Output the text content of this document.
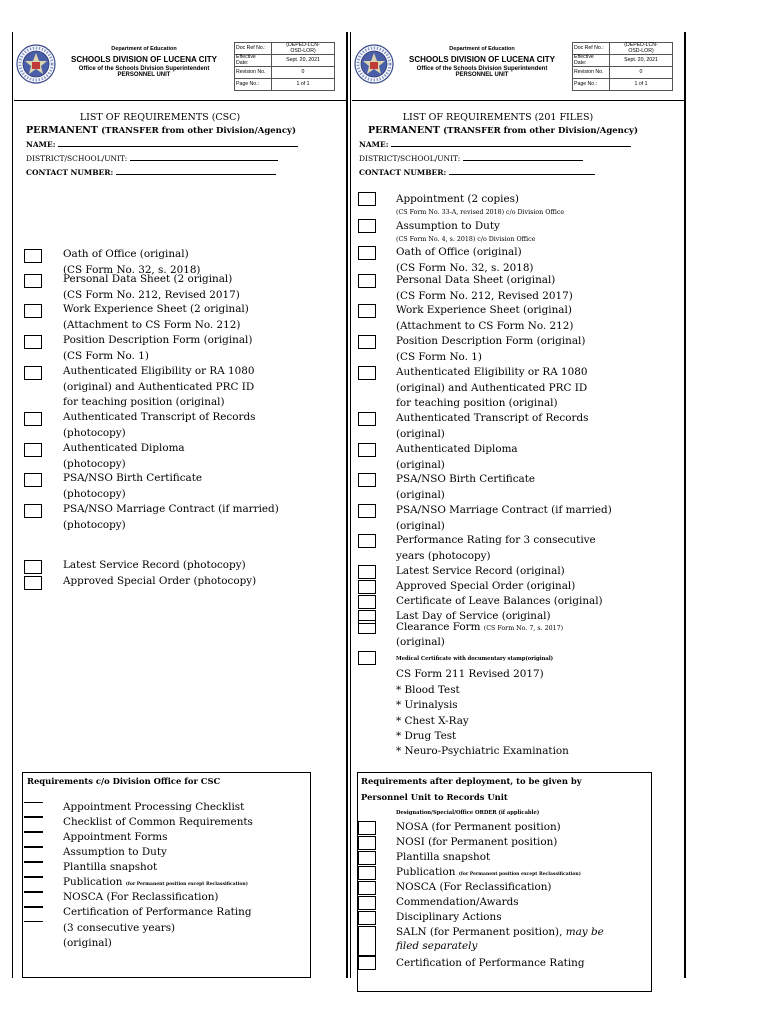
Department of Education
SCHOOLS DIVISION OF LUCENA CITY
Office of the Schools Division Superintendent
PERSONNEL UNIT
Doc Ref No.:	(DEPED-LCN-
OSD-LOR)
Effective
Date:	Sept. 20, 2021
Revision No.	0
Page No.:	1 of 1
LIST OF REQUIREMENTS (CSC)
PERMANENT (TRANSFER from other Division/Agency)
NAME:
DISTRICT/SCHOOL/UNIT:
CONTACT NUMBER:
Oath of Office (original)
(CS Form No. 32, s. 2018)
Personal Data Sheet (2 original)
(CS Form No. 212, Revised 2017)
Work Experience Sheet (2 original)
(Attachment to CS Form No. 212)
Position Description Form (original)
(CS Form No. 1)
Authenticated Eligibility or RA 1080
(original) and Authenticated PRC ID
for teaching position (original)
Authenticated Transcript of Records
(photocopy)
Authenticated Diploma
(photocopy)
PSA/NSO Birth Certificate
(photocopy)
PSA/NSO Marriage Contract (if married)
(photocopy)
Latest Service Record (photocopy)
Approved Special Order (photocopy)
Requirements c/o Division Office for CSC
Appointment Processing Checklist
Checklist of Common Requirements
Appointment Forms
Assumption to Duty
Plantilla snapshot
Publication (for Permanent position except Reclassification)
NOSCA (For Reclassification)
Certification of Performance Rating
(3 consecutive years)
(original)
Department of Education
SCHOOLS DIVISION OF LUCENA CITY
Office of the Schools Division Superintendent
PERSONNEL UNIT
Doc Ref No.:	(DEPED-LCN-
OSD-LOR)
Effective
Date:	Sept. 20, 2021
Revision No.	0
Page No.:	1 of 1
LIST OF REQUIREMENTS (201 FILES)
PERMANENT (TRANSFER from other Division/Agency)
NAME:
DISTRICT/SCHOOL/UNIT:
CONTACT NUMBER:
Appointment (2 copies)
(CS Form No. 33-A, revised 2018) c/o Division Office
Assumption to Duty
(CS Form No. 4, s. 2018) c/o Division Office
Oath of Office (original)
(CS Form No. 32, s. 2018)
Personal Data Sheet (original)
(CS Form No. 212, Revised 2017)
Work Experience Sheet (original)
(Attachment to CS Form No. 212)
Position Description Form (original)
(CS Form No. 1)
Authenticated Eligibility or RA 1080
(original) and Authenticated PRC ID
for teaching position (original)
Authenticated Transcript of Records
(original)
Authenticated Diploma
(original)
PSA/NSO Birth Certificate
(original)
PSA/NSO Marriage Contract (if married)
(original)
Performance Rating for 3 consecutive
years (photocopy)
Latest Service Record (original)
Approved Special Order (original)
Certificate of Leave Balances (original)
Last Day of Service (original)
Clearance Form (CS Form No. 7, s. 2017)
(original)
Medical Certificate with documentary stamp(original)
CS Form 211 Revised 2017)
* Blood Test
* Urinalysis
* Chest X-Ray
* Drug Test
* Neuro-Psychiatric Examination
Requirements after deployment, to be given by
Personnel Unit to Records Unit
Designation/Special/Office ORDER (if applicable)
NOSA (for Permanent position)
NOSI (for Permanent position)
Plantilla snapshot
Publication (for Permanent position except Reclassification)
NOSCA (For Reclassification)
Commendation/Awards
Disciplinary Actions
SALN (for Permanent position), may be
filed separately
Certification of Performance Rating
